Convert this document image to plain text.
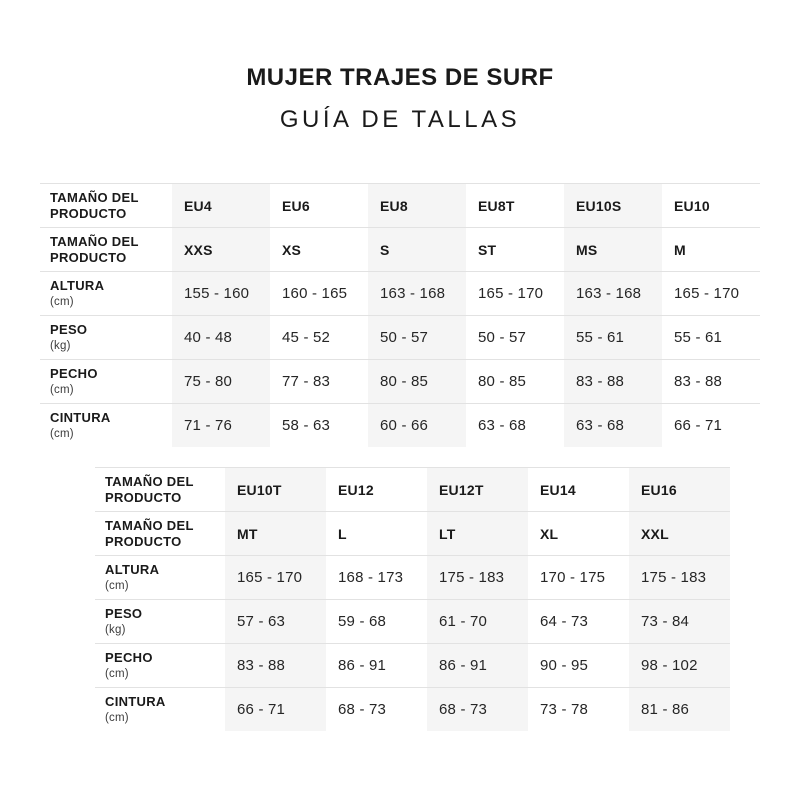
MUJER TRAJES DE SURF
GUÍA DE TALLAS
TAMAÑO DEL
PRODUCTO	EU4	EU6	EU8	EU8T	EU10S	EU10
TAMAÑO DEL
PRODUCTO	XXS	XS	S	ST	MS	M
ALTURA
(cm)	155 - 160	160 - 165	163 - 168	165 - 170	163 - 168	165 - 170
PESO
(kg)	40 - 48	45 - 52	50 - 57	50 - 57	55 - 61	55 - 61
PECHO
(cm)	75 - 80	77 - 83	80 - 85	80 - 85	83 - 88	83 - 88
CINTURA
(cm)	71 - 76	58 - 63	60 - 66	63 - 68	63 - 68	66 - 71
TAMAÑO DEL
PRODUCTO	EU10T	EU12	EU12T	EU14	EU16
TAMAÑO DEL
PRODUCTO	MT	L	LT	XL	XXL
ALTURA
(cm)	165 - 170	168 - 173	175 - 183	170 - 175	175 - 183
PESO
(kg)	57 - 63	59 - 68	61 - 70	64 - 73	73 - 84
PECHO
(cm)	83 - 88	86 - 91	86 - 91	90 - 95	98 - 102
CINTURA
(cm)	66 - 71	68 - 73	68 - 73	73 - 78	81 - 86
